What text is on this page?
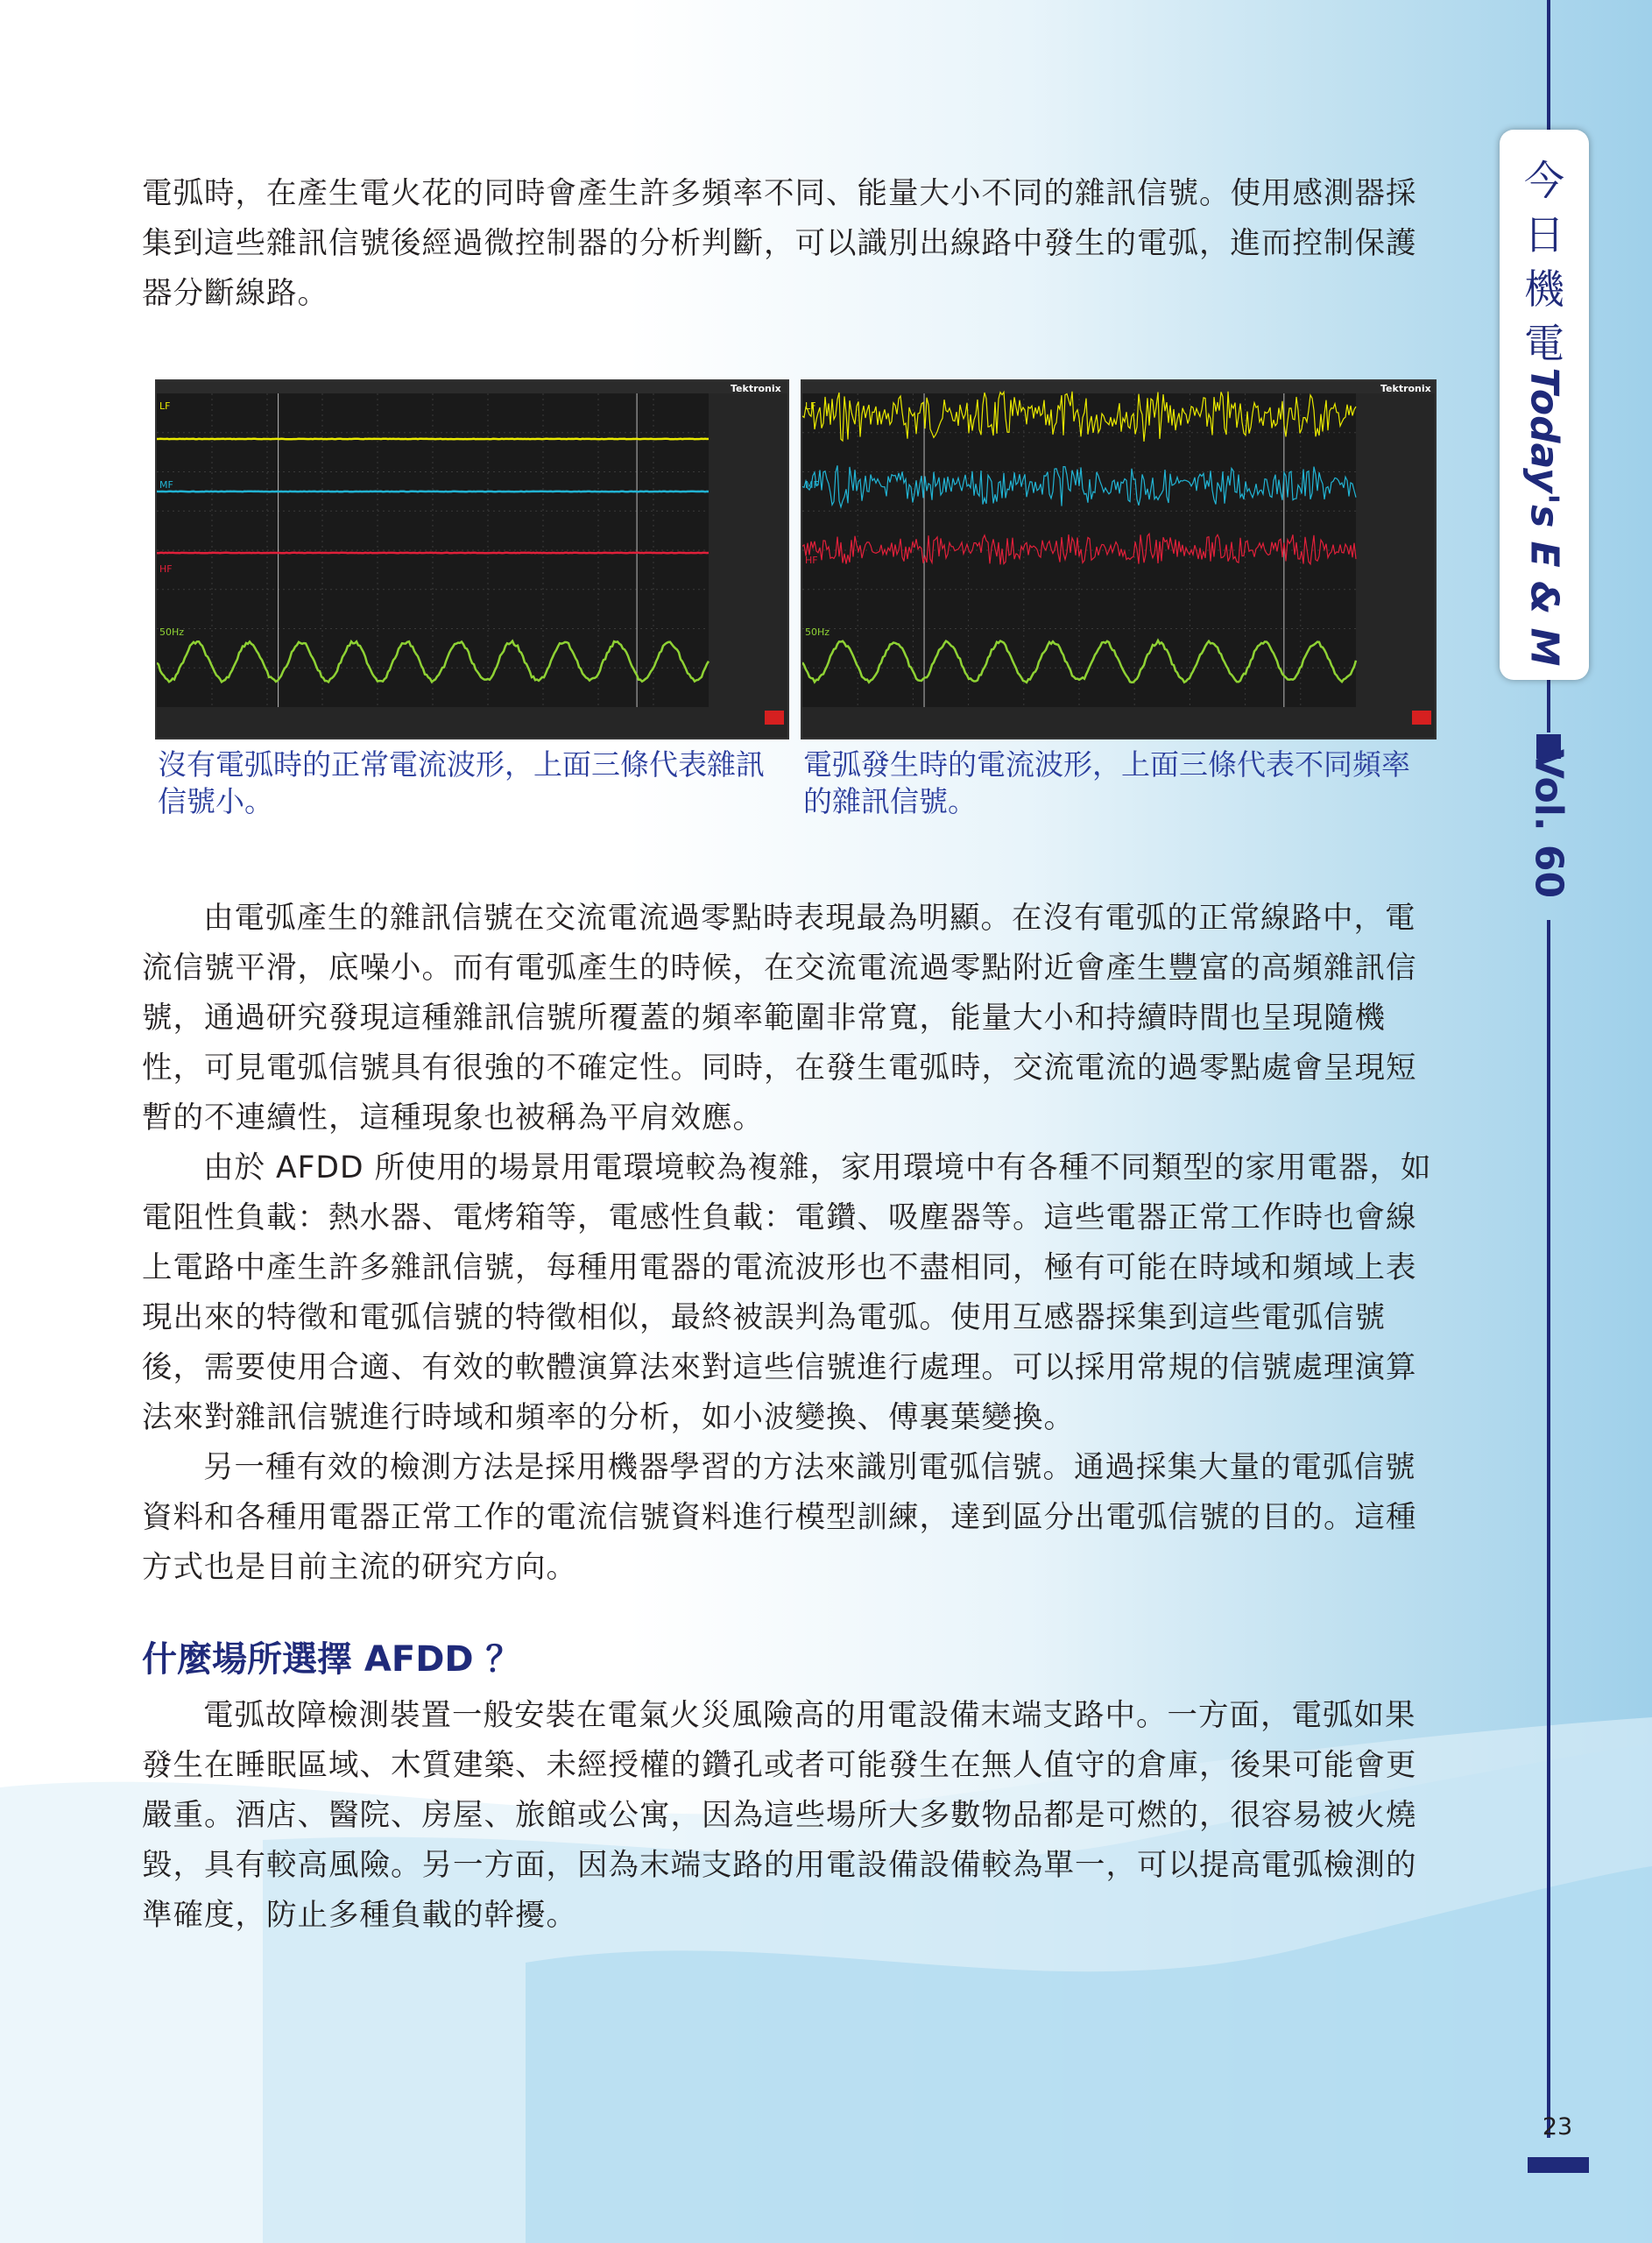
今
日
機
電
Today's E & M
Vol. 60

電弧時，在產生電火花的同時會產生許多頻率不同、能量大小不同的雜訊信號。使用感測器採集到這些雜訊信號後經過微控制器的分析判斷，可以識別出線路中發生的電弧，進而控制保護器分斷線路。

Tektronix
LF
MF
HF
50Hz
Tektronix
LF
MF
HF
50Hz

沒有電弧時的正常電流波形，上面三條代表雜訊信號小。

電弧發生時的電流波形，上面三條代表不同頻率的雜訊信號。

由電弧產生的雜訊信號在交流電流過零點時表現最為明顯。在沒有電弧的正常線路中，電流信號平滑，底噪小。而有電弧產生的時候，在交流電流過零點附近會產生豐富的高頻雜訊信號，通過研究發現這種雜訊信號所覆蓋的頻率範圍非常寬，能量大小和持續時間也呈現隨機性，可見電弧信號具有很強的不確定性。同時，在發生電弧時，交流電流的過零點處會呈現短暫的不連續性，這種現象也被稱為平肩效應。

由於 AFDD 所使用的場景用電環境較為複雜，家用環境中有各種不同類型的家用電器，如電阻性負載：熱水器、電烤箱等，電感性負載：電鑽、吸塵器等。這些電器正常工作時也會線上電路中產生許多雜訊信號，每種用電器的電流波形也不盡相同，極有可能在時域和頻域上表現出來的特徵和電弧信號的特徵相似，最終被誤判為電弧。使用互感器採集到這些電弧信號後，需要使用合適、有效的軟體演算法來對這些信號進行處理。可以採用常規的信號處理演算法來對雜訊信號進行時域和頻率的分析，如小波變換、傅裏葉變換。

另一種有效的檢測方法是採用機器學習的方法來識別電弧信號。通過採集大量的電弧信號資料和各種用電器正常工作的電流信號資料進行模型訓練，達到區分出電弧信號的目的。這種方式也是目前主流的研究方向。

什麼場所選擇 AFDD ？

電弧故障檢測裝置一般安裝在電氣火災風險高的用電設備末端支路中。一方面，電弧如果發生在睡眠區域、木質建築、未經授權的鑽孔或者可能發生在無人值守的倉庫，後果可能會更嚴重。酒店、醫院、房屋、旅館或公寓，因為這些場所大多數物品都是可燃的，很容易被火燒毀，具有較高風險。另一方面，因為末端支路的用電設備設備較為單一，可以提高電弧檢測的準確度，防止多種負載的幹擾。

23
